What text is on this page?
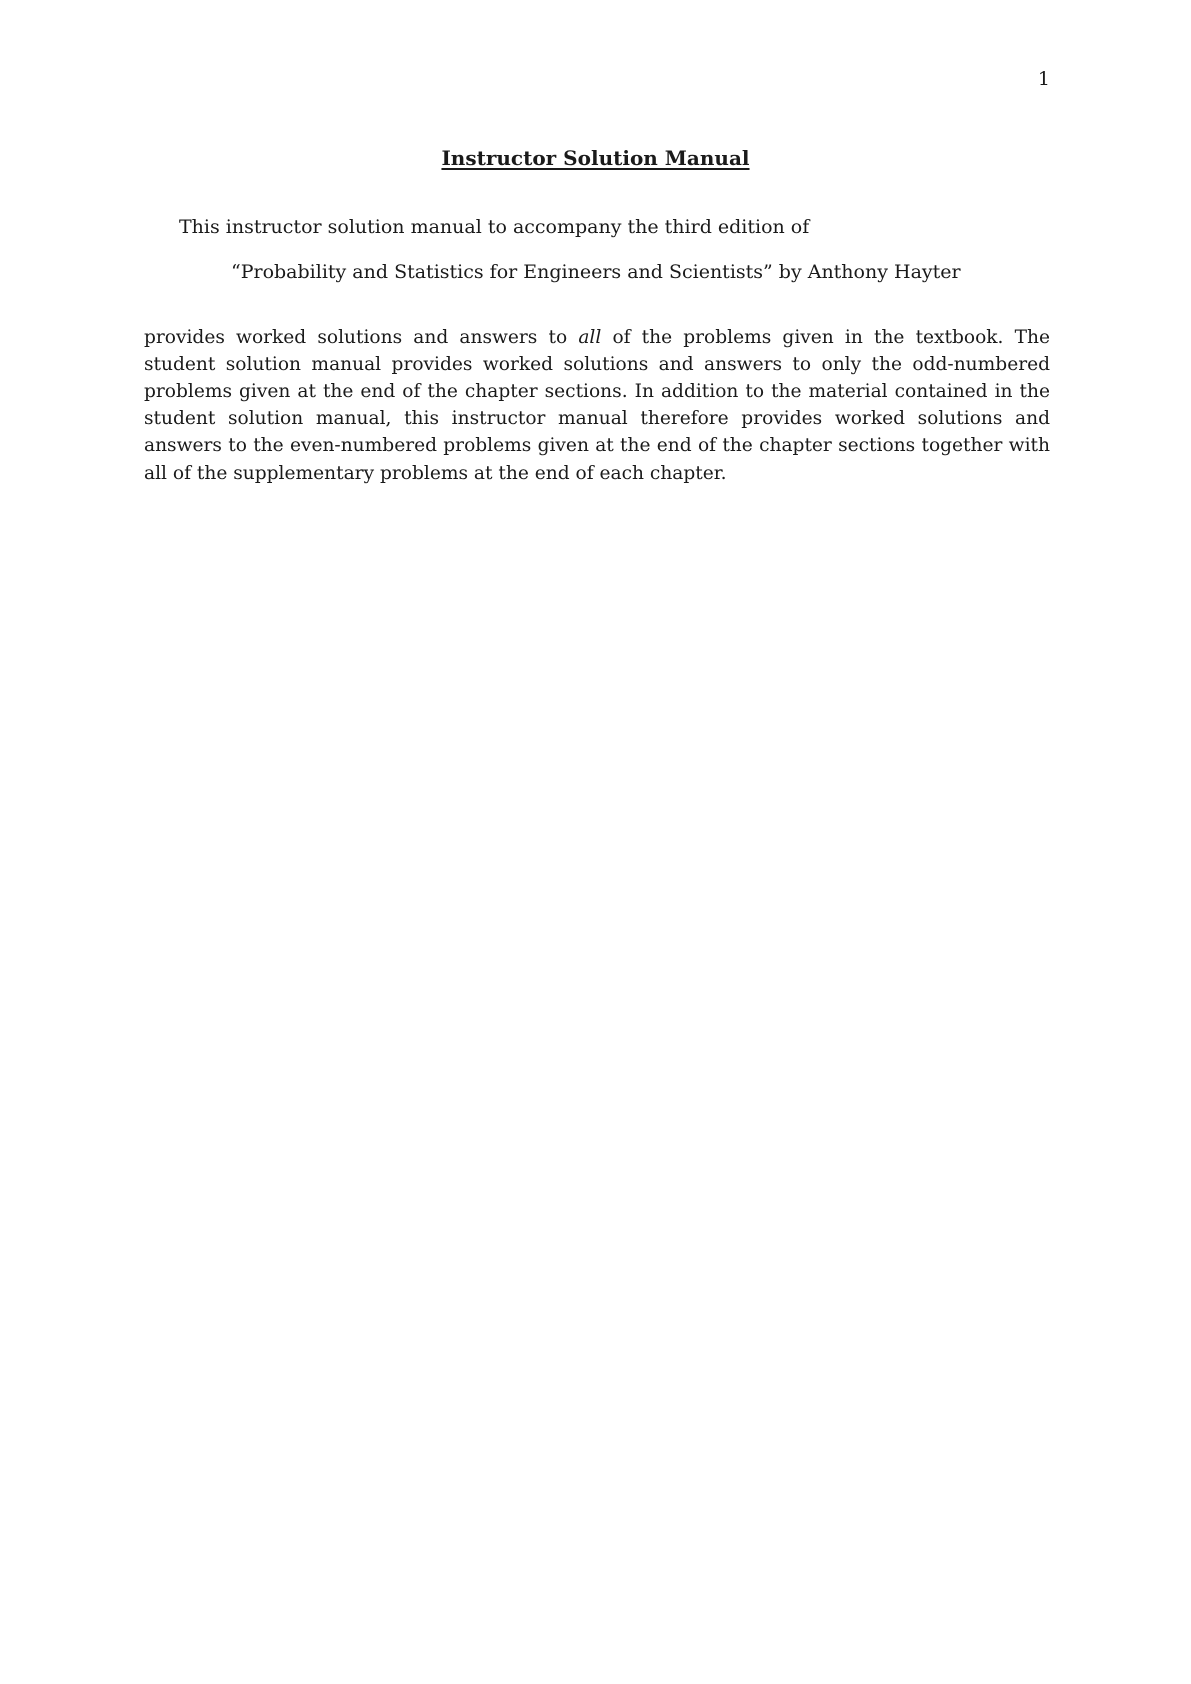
1
Instructor Solution Manual
This instructor solution manual to accompany the third edition of
“Probability and Statistics for Engineers and Scientists” by Anthony Hayter

provides worked solutions and answers to all of the problems given in the textbook. The student solution manual provides worked solutions and answers to only the odd-numbered problems given at the end of the chapter sections. In addition to the material contained in the student solution manual, this instructor manual therefore provides worked solutions and answers to the even-numbered problems given at the end of the chapter sections together with all of the supplementary problems at the end of each chapter.
